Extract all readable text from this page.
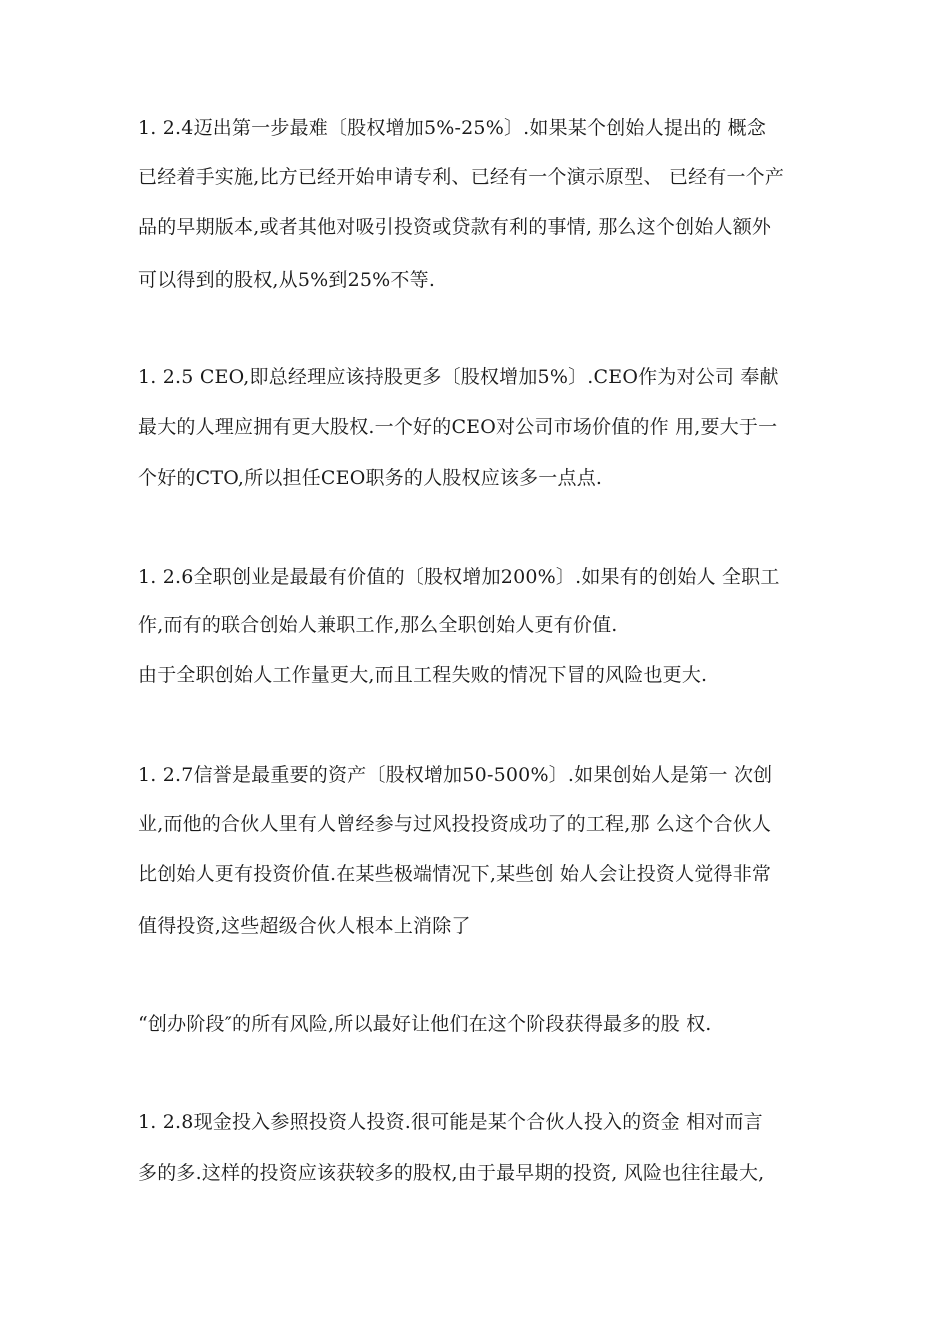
1. 2.4迈出第一步最难〔股权增加5%-25%〕.如果某个创始人提出的 概念
已经着手实施,比方已经开始申请专利、已经有一个演示原型、 已经有一个产
品的早期版本,或者其他对吸引投资或贷款有利的事情, 那么这个创始人额外
可以得到的股权,从5%到25%不等.
1. 2.5 CEO,即总经理应该持股更多〔股权增加5%〕.CEO作为对公司 奉献
最大的人理应拥有更大股权.一个好的CEO对公司市场价值的作 用,要大于一
个好的CTO,所以担任CEO职务的人股权应该多一点点.
1. 2.6全职创业是最最有价值的〔股权增加200%〕.如果有的创始人 全职工
作,而有的联合创始人兼职工作,那么全职创始人更有价值.
由于全职创始人工作量更大,而且工程失败的情况下冒的风险也更大.
1. 2.7信誉是最重要的资产〔股权增加50-500%〕.如果创始人是第一 次创
业,而他的合伙人里有人曾经参与过风投投资成功了的工程,那 么这个合伙人
比创始人更有投资价值.在某些极端情况下,某些创 始人会让投资人觉得非常
值得投资,这些超级合伙人根本上消除了
“创办阶段″的所有风险,所以最好让他们在这个阶段获得最多的股 权.
1. 2.8现金投入参照投资人投资.很可能是某个合伙人投入的资金 相对而言
多的多.这样的投资应该获较多的股权,由于最早期的投资, 风险也往往最大,
